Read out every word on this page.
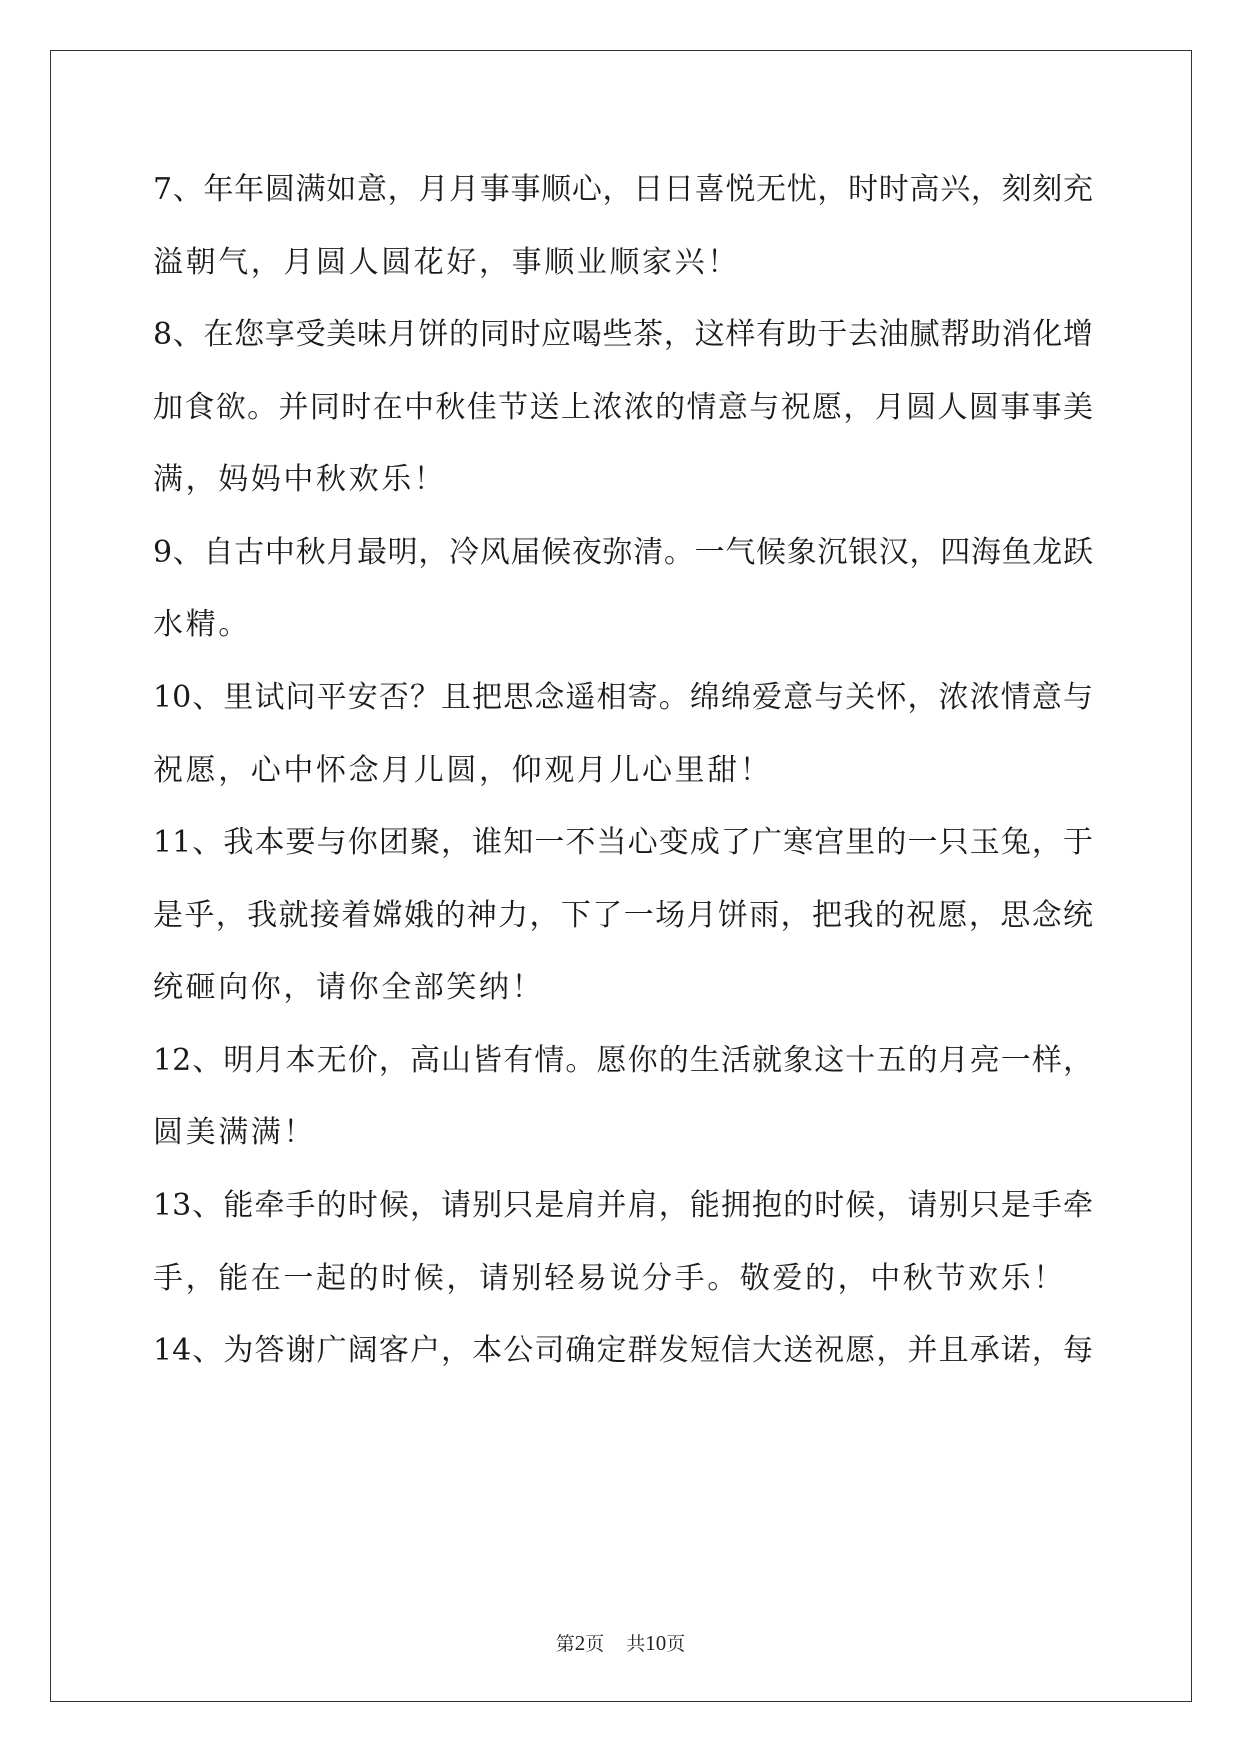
7、年年圆满如意，月月事事顺心，日日喜悦无忧，时时高兴，刻刻充
溢朝气，月圆人圆花好，事顺业顺家兴！
8、在您享受美味月饼的同时应喝些茶，这样有助于去油腻帮助消化增
加食欲。并同时在中秋佳节送上浓浓的情意与祝愿，月圆人圆事事美
满，妈妈中秋欢乐！
9、自古中秋月最明，冷风届候夜弥清。一气候象沉银汉，四海鱼龙跃
水精。
10、里试问平安否？且把思念遥相寄。绵绵爱意与关怀，浓浓情意与
祝愿，心中怀念月儿圆，仰观月儿心里甜！
11、我本要与你团聚，谁知一不当心变成了广寒宫里的一只玉兔，于
是乎，我就接着嫦娥的神力，下了一场月饼雨，把我的祝愿，思念统
统砸向你，请你全部笑纳！
12、明月本无价，高山皆有情。愿你的生活就象这十五的月亮一样，
圆美满满！
13、能牵手的时候，请别只是肩并肩，能拥抱的时候，请别只是手牵
手，能在一起的时候，请别轻易说分手。敬爱的，中秋节欢乐！
14、为答谢广阔客户，本公司确定群发短信大送祝愿，并且承诺，每
第2页 共10页
